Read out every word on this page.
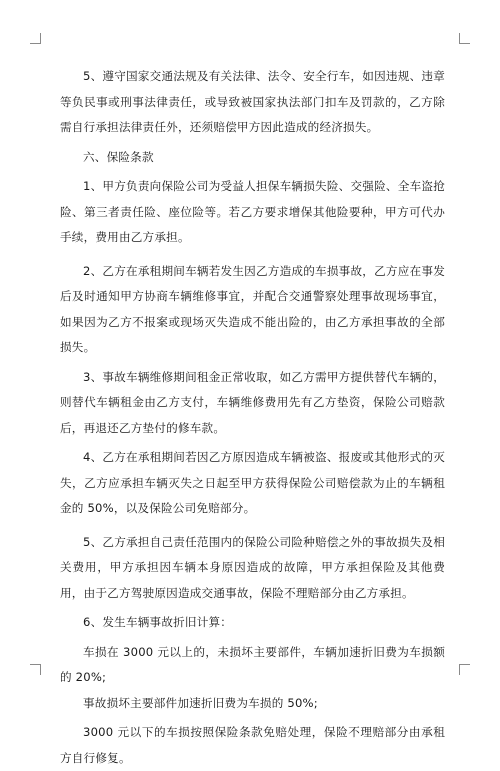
5、遵守国家交通法规及有关法律、法令、安全行车，如因违规、违章等负民事或刑事法律责任，或导致被国家执法部门扣车及罚款的，乙方除需自行承担法律责任外，还须赔偿甲方因此造成的经济损失。

六、保险条款

1、甲方负责向保险公司为受益人担保车辆损失险、交强险、全车盗抢险、第三者责任险、座位险等。若乙方要求增保其他险要种，甲方可代办手续，费用由乙方承担。

2、乙方在承租期间车辆若发生因乙方造成的车损事故，乙方应在事发后及时通知甲方协商车辆维修事宜，并配合交通警察处理事故现场事宜，如果因为乙方不报案或现场灭失造成不能出险的，由乙方承担事故的全部损失。

3、事故车辆维修期间租金正常收取，如乙方需甲方提供替代车辆的，则替代车辆租金由乙方支付，车辆维修费用先有乙方垫资，保险公司赔款后，再退还乙方垫付的修车款。

4、乙方在承租期间若因乙方原因造成车辆被盗、报废或其他形式的灭失，乙方应承担车辆灭失之日起至甲方获得保险公司赔偿款为止的车辆租金的 50%，以及保险公司免赔部分。

5、乙方承担自己责任范围内的保险公司险种赔偿之外的事故损失及相关费用，甲方承担因车辆本身原因造成的故障，甲方承担保险及其他费用，由于乙方驾驶原因造成交通事故，保险不理赔部分由乙方承担。

6、发生车辆事故折旧计算：

车损在 3000 元以上的，未损坏主要部件，车辆加速折旧费为车损额的 20%;

事故损坏主要部件加速折旧费为车损的 50%;

3000 元以下的车损按照保险条款免赔处理，保险不理赔部分由承租方自行修复。
